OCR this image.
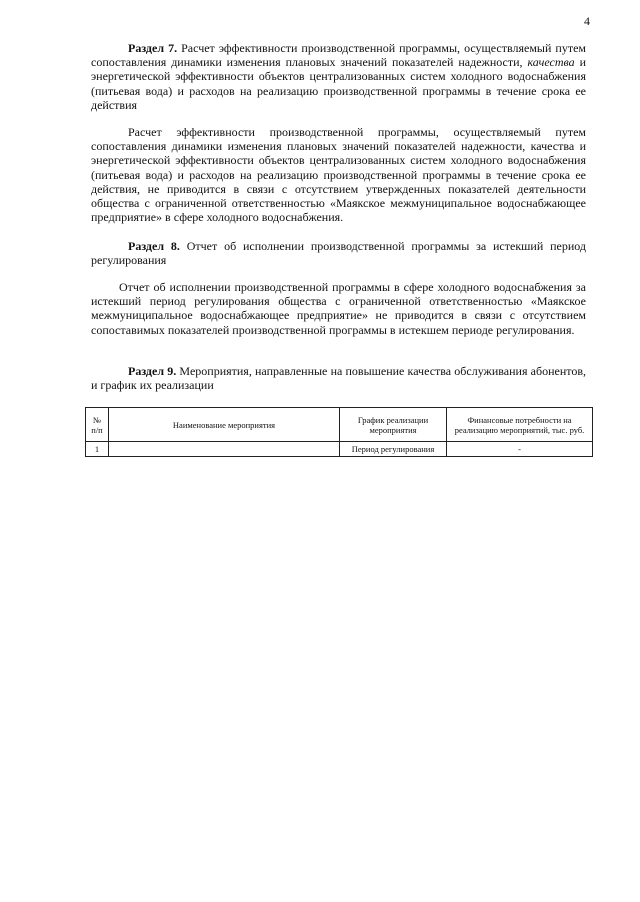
4

Раздел 7. Расчет эффективности производственной программы, осуществляемый путем сопоставления динамики изменения плановых значений показателей надежности, качества и энергетической эффективности объектов централизованных систем холодного водоснабжения (питьевая вода) и расходов на реализацию производственной программы в течение срока ее действия

Расчет эффективности производственной программы, осуществляемый путем сопоставления динамики изменения плановых значений показателей надежности, качества и энергетической эффективности объектов централизованных систем холодного водоснабжения (питьевая вода) и расходов на реализацию производственной программы в течение срока ее действия, не приводится в связи с отсутствием утвержденных показателей деятельности общества с ограниченной ответственностью «Маякское межмуниципальное водоснабжающее предприятие» в сфере холодного водоснабжения.

Раздел 8. Отчет об исполнении производственной программы за истекший период регулирования

Отчет об исполнении производственной программы в сфере холодного водоснабжения за истекший период регулирования общества с ограниченной ответственностью «Маякское межмуниципальное водоснабжающее предприятие» не приводится в связи с отсутствием сопоставимых показателей производственной программы в истекшем периоде регулирования.

Раздел 9. Мероприятия, направленные на повышение качества обслуживания абонентов, и график их реализации

№ п/п	Наименование мероприятия	График реализации мероприятия	Финансовые потребности на реализацию мероприятий, тыс. руб.
1		Период регулирования	-
